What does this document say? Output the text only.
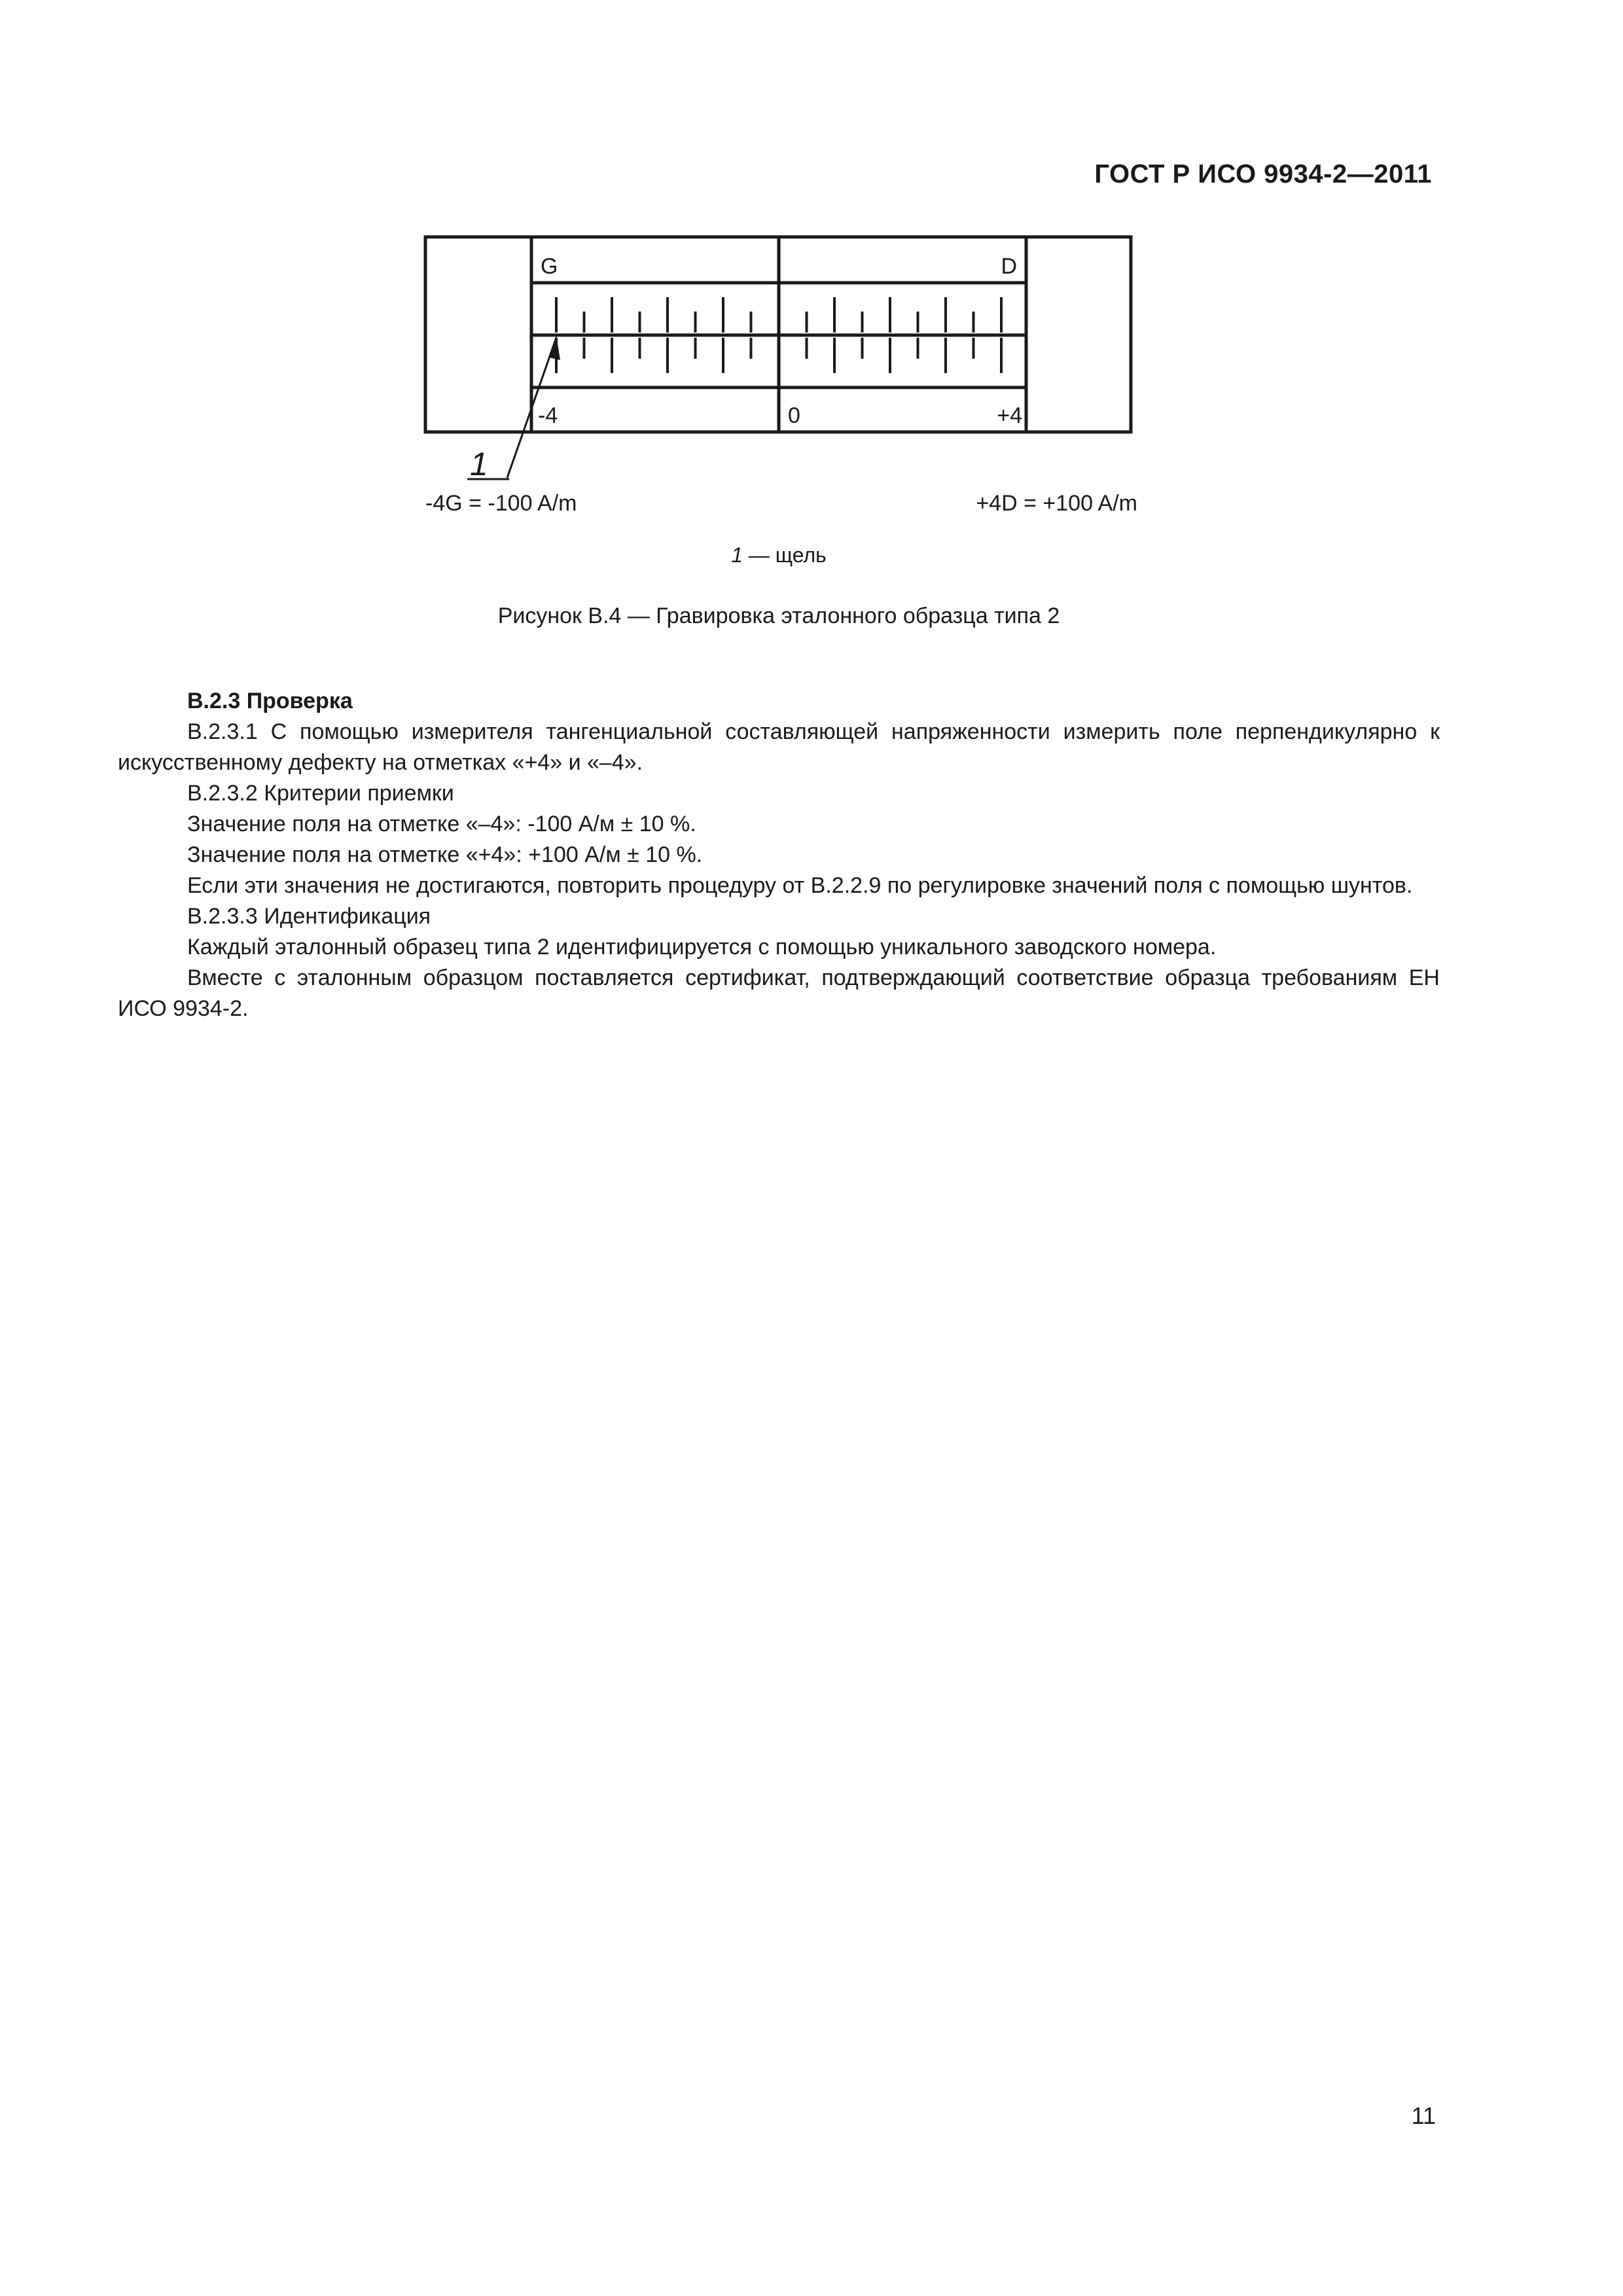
ГОСТ Р ИСО 9934-2—2011
G	D
-4	0	+4
1
-4G = -100 A/m	+4D = +100 A/m
1 — щель
Рисунок В.4 — Гравировка эталонного образца типа 2

В.2.3 Проверка

В.2.3.1 С помощью измерителя тангенциальной составляющей напряженности измерить поле перпендикулярно к искусственному дефекту на отметках «+4» и «–4».

В.2.3.2 Критерии приемки

Значение поля на отметке «–4»: -100 А/м ± 10 %.

Значение поля на отметке «+4»: +100 А/м ± 10 %.

Если эти значения не достигаются, повторить процедуру от В.2.2.9 по регулировке значений поля с помощью шунтов.

В.2.3.3 Идентификация

Каждый эталонный образец типа 2 идентифицируется с помощью уникального заводского номера.

Вместе с эталонным образцом поставляется сертификат, подтверждающий соответствие образца требованиям ЕН ИСО 9934-2.

11
